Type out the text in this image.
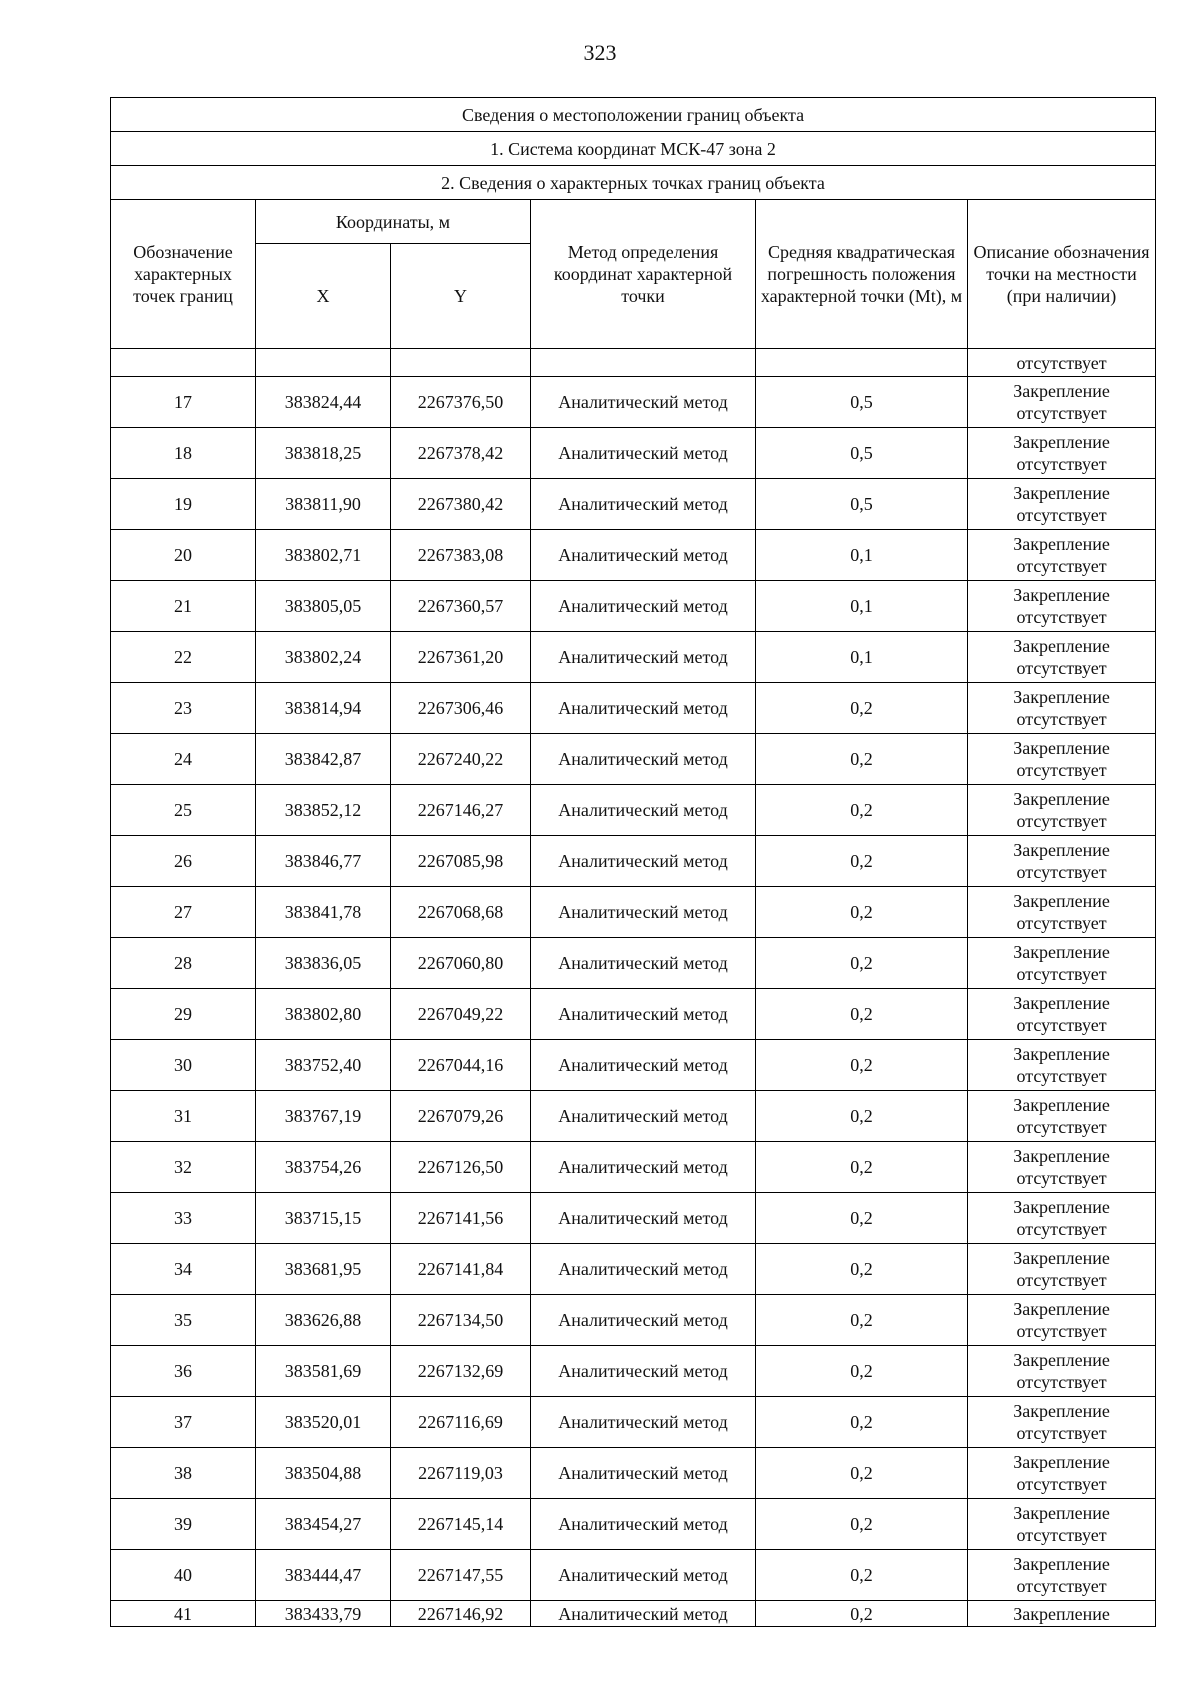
323
Сведения о местоположении границ объекта					
1. Система координат МСК-47 зона 2					
2. Сведения о характерных точках границ объекта					
Обозначение характерных точек границ	Координаты, м		Метод определения координат характерной точки	Средняя квадратическая погрешность положения характерной точки (Mt), м	Описание обозначения точки на местности (при наличии)
	X	Y			
					отсутствует
17	383824,44	2267376,50	Аналитический метод	0,5	Закрепление
отсутствует

18	383818,25	2267378,42	Аналитический метод	0,5	Закрепление
отсутствует

19	383811,90	2267380,42	Аналитический метод	0,5	Закрепление
отсутствует

20	383802,71	2267383,08	Аналитический метод	0,1	Закрепление
отсутствует

21	383805,05	2267360,57	Аналитический метод	0,1	Закрепление
отсутствует

22	383802,24	2267361,20	Аналитический метод	0,1	Закрепление
отсутствует

23	383814,94	2267306,46	Аналитический метод	0,2	Закрепление
отсутствует

24	383842,87	2267240,22	Аналитический метод	0,2	Закрепление
отсутствует

25	383852,12	2267146,27	Аналитический метод	0,2	Закрепление
отсутствует

26	383846,77	2267085,98	Аналитический метод	0,2	Закрепление
отсутствует

27	383841,78	2267068,68	Аналитический метод	0,2	Закрепление
отсутствует

28	383836,05	2267060,80	Аналитический метод	0,2	Закрепление
отсутствует

29	383802,80	2267049,22	Аналитический метод	0,2	Закрепление
отсутствует

30	383752,40	2267044,16	Аналитический метод	0,2	Закрепление
отсутствует

31	383767,19	2267079,26	Аналитический метод	0,2	Закрепление
отсутствует

32	383754,26	2267126,50	Аналитический метод	0,2	Закрепление
отсутствует

33	383715,15	2267141,56	Аналитический метод	0,2	Закрепление
отсутствует

34	383681,95	2267141,84	Аналитический метод	0,2	Закрепление
отсутствует

35	383626,88	2267134,50	Аналитический метод	0,2	Закрепление
отсутствует

36	383581,69	2267132,69	Аналитический метод	0,2	Закрепление
отсутствует

37	383520,01	2267116,69	Аналитический метод	0,2	Закрепление
отсутствует

38	383504,88	2267119,03	Аналитический метод	0,2	Закрепление
отсутствует

39	383454,27	2267145,14	Аналитический метод	0,2	Закрепление
отсутствует

40	383444,47	2267147,55	Аналитический метод	0,2	Закрепление
отсутствует

41	383433,79	2267146,92	Аналитический метод	0,2	Закрепление
